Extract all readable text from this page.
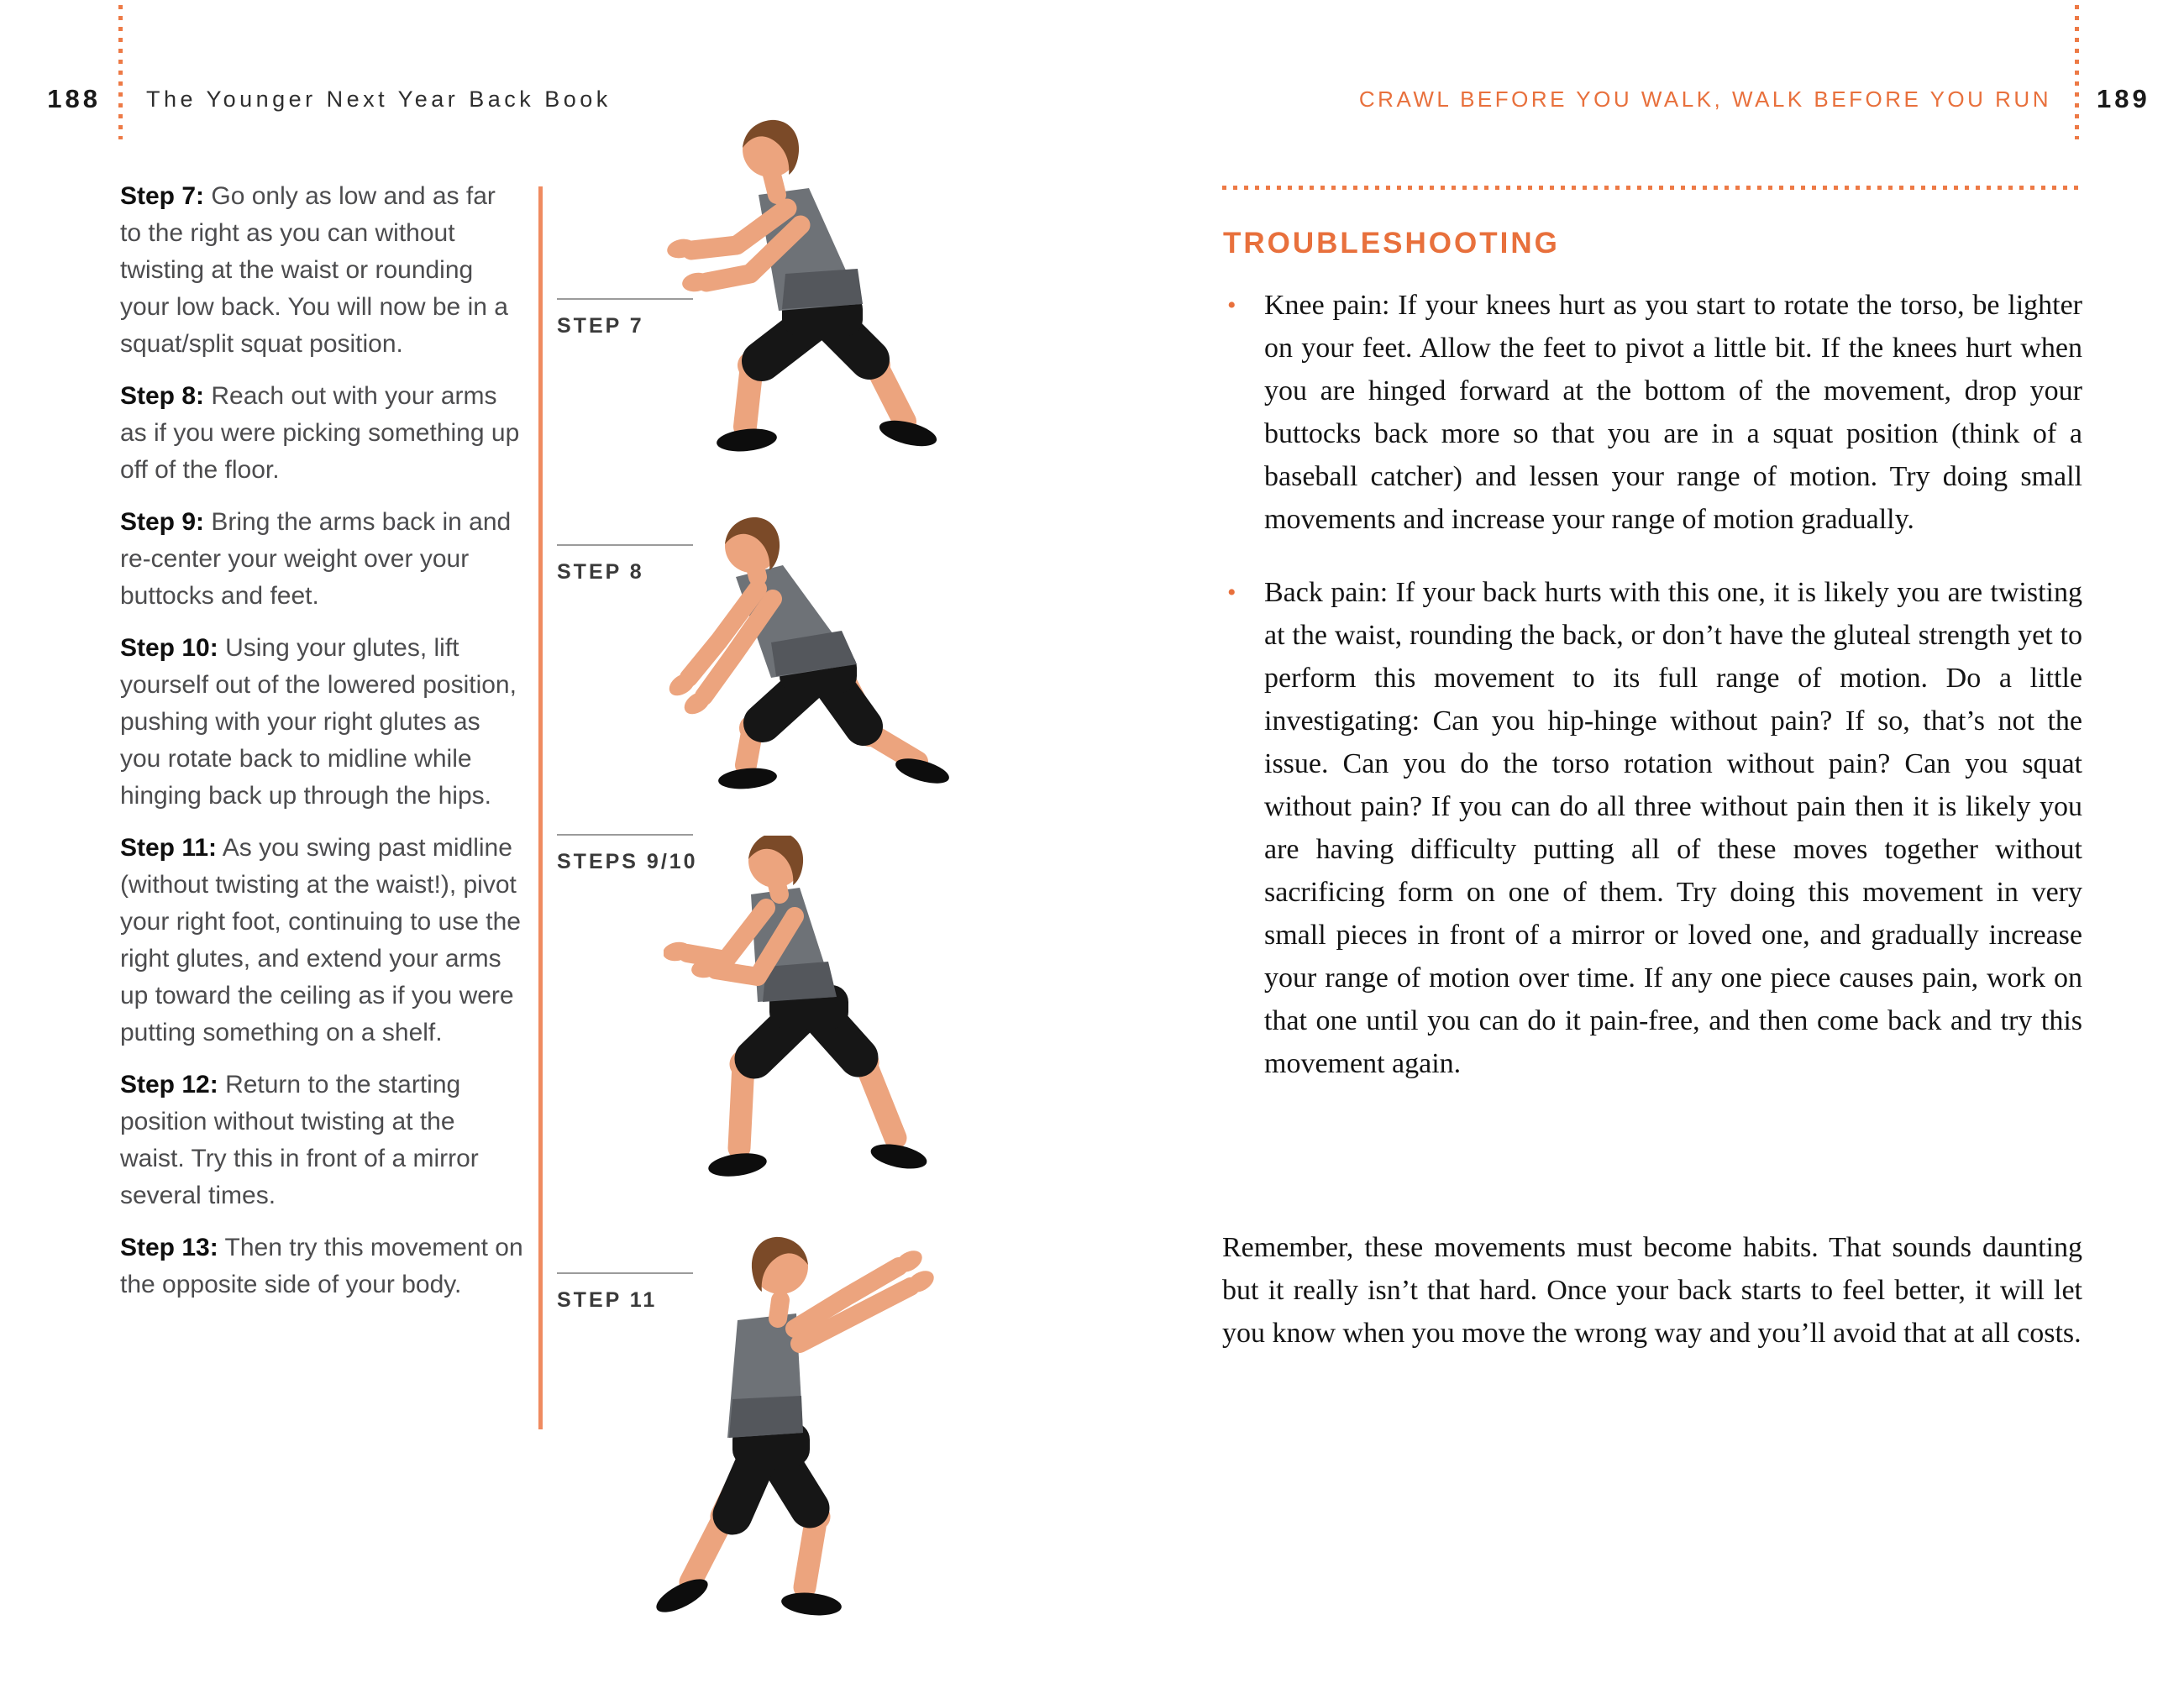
188 The Younger Next Year Back Book	CRAWL BEFORE YOU WALK, WALK BEFORE YOU RUN 189

Step 7: Go only as low and as far to the right as you can without twisting at the waist or rounding your low back. You will now be in a squat/split squat position.

Step 8: Reach out with your arms as if you were picking something up off of the floor.

Step 9: Bring the arms back in and re-center your weight over your buttocks and feet.

Step 10: Using your glutes, lift yourself out of the lowered position, pushing with your right glutes as you rotate back to midline while hinging back up through the hips.

Step 11: As you swing past midline (without twisting at the waist!), pivot your right foot, continuing to use the right glutes, and extend your arms up toward the ceiling as if you were putting something on a shelf.

Step 12: Return to the starting position without twisting at the waist. Try this in front of a mirror several times.

Step 13: Then try this movement on the opposite side of your body.

STEP 7
STEP 8
STEPS 9/10
STEP 11
TROUBLESHOOTING
• Knee pain: If your knees hurt as you start to rotate the torso, be lighter on your feet. Allow the feet to pivot a little bit. If the knees hurt when you are hinged forward at the bottom of the movement, drop your buttocks back more so that you are in a squat position (think of a baseball catcher) and lessen your range of motion. Try doing small movements and increase your range of motion gradually.
• Back pain: If your back hurts with this one, it is likely you are twisting at the waist, rounding the back, or don’t have the gluteal strength yet to perform this movement to its full range of motion. Do a little investigating: Can you hip-hinge without pain? If so, that’s not the issue. Can you do the torso rotation without pain? Can you squat without pain? If you can do all three without pain then it is likely you are having difficulty putting all of these moves together without sacrificing form on one of them. Try doing this movement in very small pieces in front of a mirror or loved one, and gradually increase your range of motion over time. If any one piece causes pain, work on that one until you can do it pain-free, and then come back and try this movement again.
Remember, these movements must become habits. That sounds daunting but it really isn’t that hard. Once your back starts to feel better, it will let you know when you move the wrong way and you’ll avoid that at all costs.
